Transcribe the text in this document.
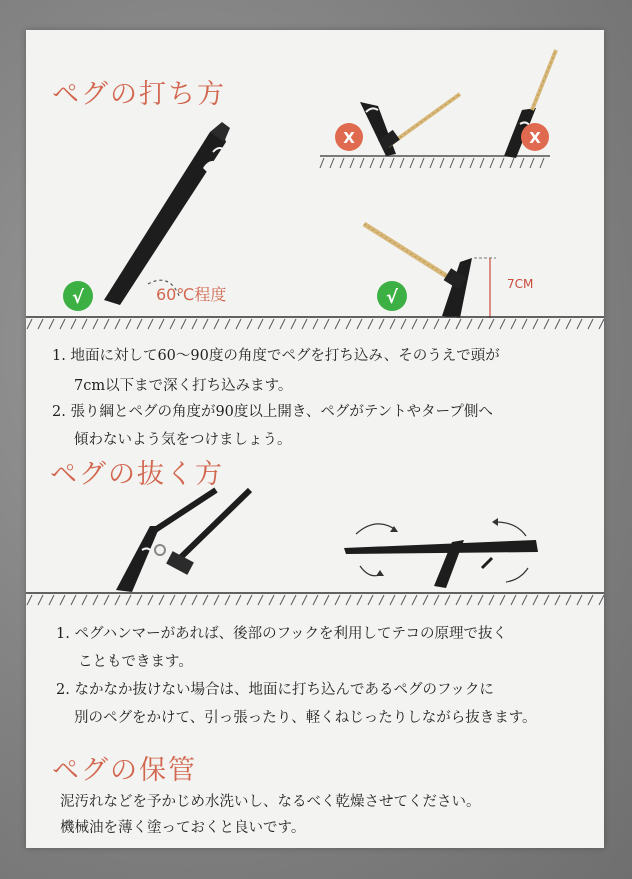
ペグの打ち方
X	X
7CM
√	√
60℃程度
1. 地面に対して60～90度の角度でペグを打ち込み、そのうえで頭が
7cm以下まで深く打ち込みます。
2. 張り綱とペグの角度が90度以上開き、ペグがテントやタープ側へ
傾わないよう気をつけましょう。
ペグの抜く方
1. ペグハンマーがあれば、後部のフックを利用してテコの原理で抜く
こともできます。
2. なかなか抜けない場合は、地面に打ち込んであるペグのフックに
別のペグをかけて、引っ張ったり、軽くねじったりしながら抜きます。
ペグの保管
泥汚れなどを予かじめ水洗いし、なるべく乾燥させてください。
機械油を薄く塗っておくと良いです。
